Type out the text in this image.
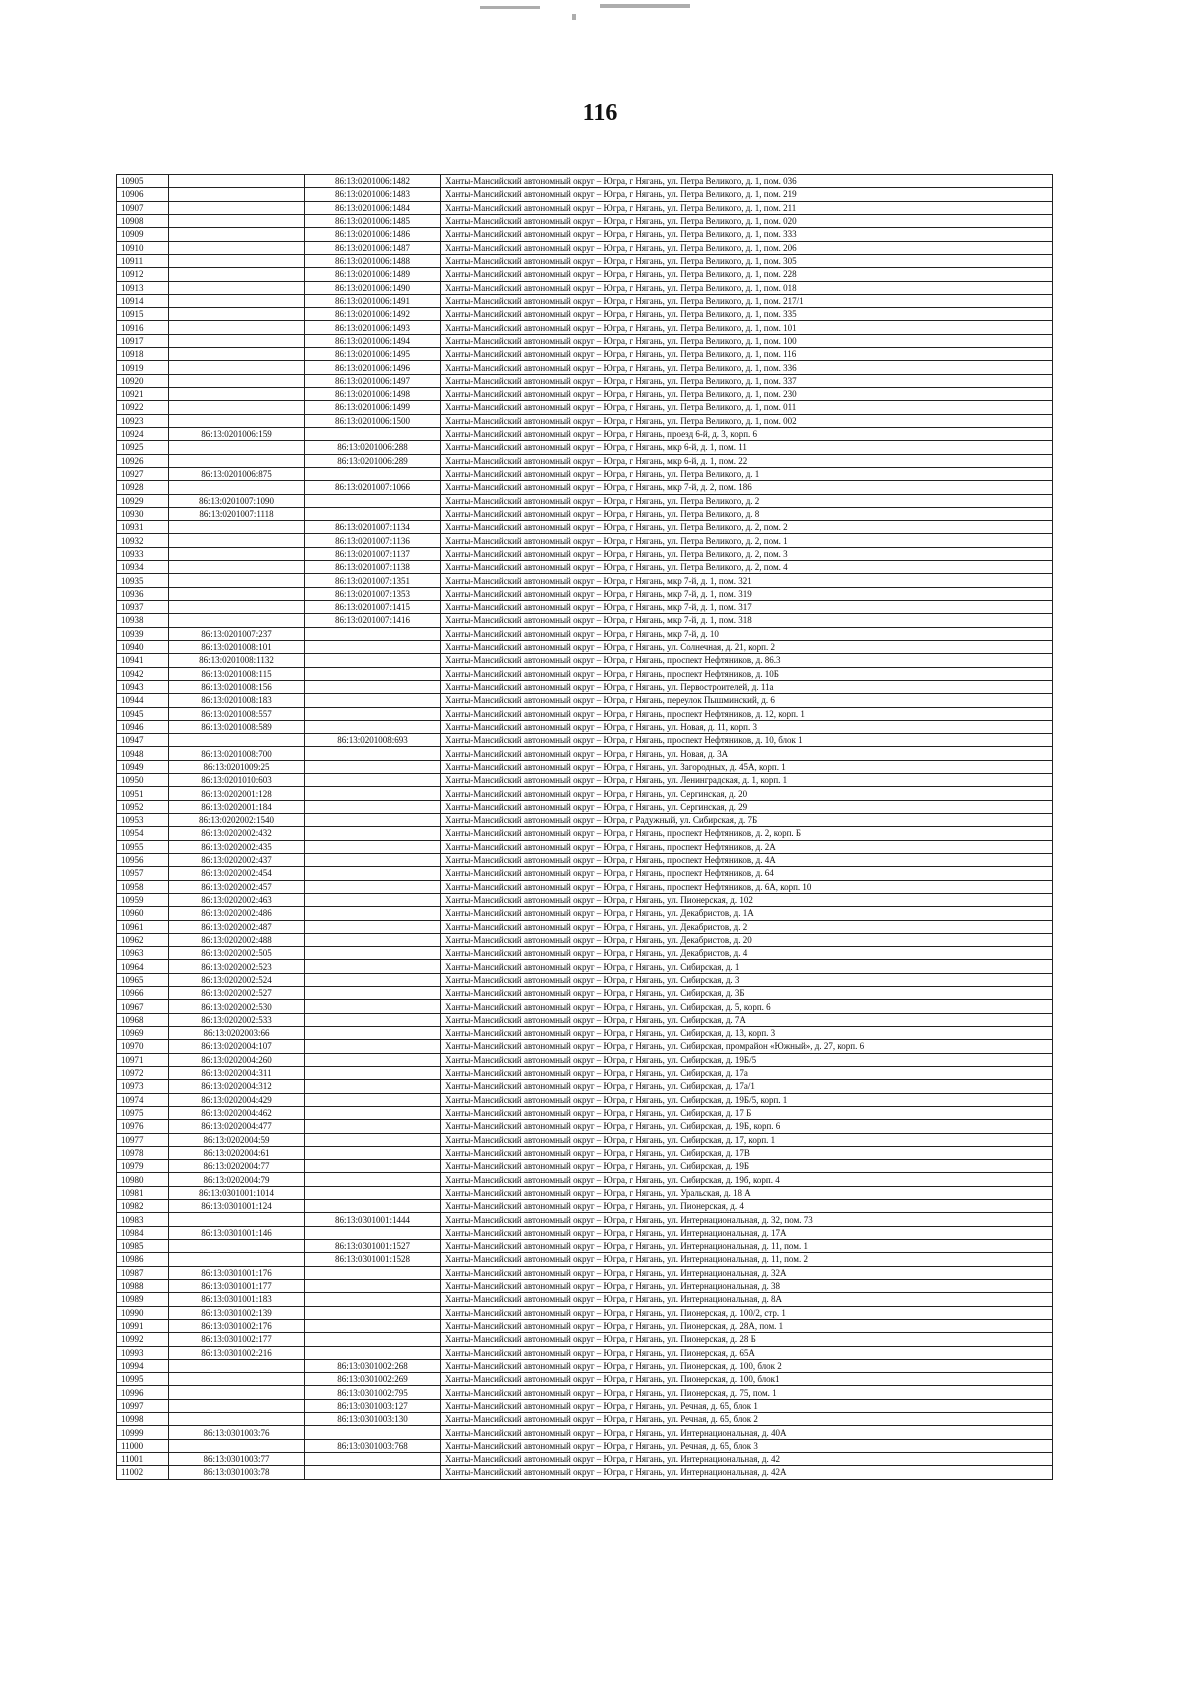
116
10905		86:13:0201006:1482	Ханты-Мансийский автономный округ – Югра, г Нягань, ул. Петра Великого, д. 1, пом. 036
10906		86:13:0201006:1483	Ханты-Мансийский автономный округ – Югра, г Нягань, ул. Петра Великого, д. 1, пом. 219
10907		86:13:0201006:1484	Ханты-Мансийский автономный округ – Югра, г Нягань, ул. Петра Великого, д. 1, пом. 211
10908		86:13:0201006:1485	Ханты-Мансийский автономный округ – Югра, г Нягань, ул. Петра Великого, д. 1, пом. 020
10909		86:13:0201006:1486	Ханты-Мансийский автономный округ – Югра, г Нягань, ул. Петра Великого, д. 1, пом. 333
10910		86:13:0201006:1487	Ханты-Мансийский автономный округ – Югра, г Нягань, ул. Петра Великого, д. 1, пом. 206
10911		86:13:0201006:1488	Ханты-Мансийский автономный округ – Югра, г Нягань, ул. Петра Великого, д. 1, пом. 305
10912		86:13:0201006:1489	Ханты-Мансийский автономный округ – Югра, г Нягань, ул. Петра Великого, д. 1, пом. 228
10913		86:13:0201006:1490	Ханты-Мансийский автономный округ – Югра, г Нягань, ул. Петра Великого, д. 1, пом. 018
10914		86:13:0201006:1491	Ханты-Мансийский автономный округ – Югра, г Нягань, ул. Петра Великого, д. 1, пом. 217/1
10915		86:13:0201006:1492	Ханты-Мансийский автономный округ – Югра, г Нягань, ул. Петра Великого, д. 1, пом. 335
10916		86:13:0201006:1493	Ханты-Мансийский автономный округ – Югра, г Нягань, ул. Петра Великого, д. 1, пом. 101
10917		86:13:0201006:1494	Ханты-Мансийский автономный округ – Югра, г Нягань, ул. Петра Великого, д. 1, пом. 100
10918		86:13:0201006:1495	Ханты-Мансийский автономный округ – Югра, г Нягань, ул. Петра Великого, д. 1, пом. 116
10919		86:13:0201006:1496	Ханты-Мансийский автономный округ – Югра, г Нягань, ул. Петра Великого, д. 1, пом. 336
10920		86:13:0201006:1497	Ханты-Мансийский автономный округ – Югра, г Нягань, ул. Петра Великого, д. 1, пом. 337
10921		86:13:0201006:1498	Ханты-Мансийский автономный округ – Югра, г Нягань, ул. Петра Великого, д. 1, пом. 230
10922		86:13:0201006:1499	Ханты-Мансийский автономный округ – Югра, г Нягань, ул. Петра Великого, д. 1, пом. 011
10923		86:13:0201006:1500	Ханты-Мансийский автономный округ – Югра, г Нягань, ул. Петра Великого, д. 1, пом. 002
10924	86:13:0201006:159		Ханты-Мансийский автономный округ – Югра, г Нягань, проезд 6-й, д. 3, корп. 6
10925		86:13:0201006:288	Ханты-Мансийский автономный округ – Югра, г Нягань, мкр 6-й, д. 1, пом. 11
10926		86:13:0201006:289	Ханты-Мансийский автономный округ – Югра, г Нягань, мкр 6-й, д. 1, пом. 22
10927	86:13:0201006:875		Ханты-Мансийский автономный округ – Югра, г Нягань, ул. Петра Великого, д. 1
10928		86:13:0201007:1066	Ханты-Мансийский автономный округ – Югра, г Нягань, мкр 7-й, д. 2, пом. 186
10929	86:13:0201007:1090		Ханты-Мансийский автономный округ – Югра, г Нягань, ул. Петра Великого, д. 2
10930	86:13:0201007:1118		Ханты-Мансийский автономный округ – Югра, г Нягань, ул. Петра Великого, д. 8
10931		86:13:0201007:1134	Ханты-Мансийский автономный округ – Югра, г Нягань, ул. Петра Великого, д. 2, пом. 2
10932		86:13:0201007:1136	Ханты-Мансийский автономный округ – Югра, г Нягань, ул. Петра Великого, д. 2, пом. 1
10933		86:13:0201007:1137	Ханты-Мансийский автономный округ – Югра, г Нягань, ул. Петра Великого, д. 2, пом. 3
10934		86:13:0201007:1138	Ханты-Мансийский автономный округ – Югра, г Нягань, ул. Петра Великого, д. 2, пом. 4
10935		86:13:0201007:1351	Ханты-Мансийский автономный округ – Югра, г Нягань, мкр 7-й, д. 1, пом. 321
10936		86:13:0201007:1353	Ханты-Мансийский автономный округ – Югра, г Нягань, мкр 7-й, д. 1, пом. 319
10937		86:13:0201007:1415	Ханты-Мансийский автономный округ – Югра, г Нягань, мкр 7-й, д. 1, пом. 317
10938		86:13:0201007:1416	Ханты-Мансийский автономный округ – Югра, г Нягань, мкр 7-й, д. 1, пом. 318
10939	86:13:0201007:237		Ханты-Мансийский автономный округ – Югра, г Нягань, мкр 7-й, д. 10
10940	86:13:0201008:101		Ханты-Мансийский автономный округ – Югра, г Нягань, ул. Солнечная, д. 21, корп. 2
10941	86:13:0201008:1132		Ханты-Мансийский автономный округ – Югра, г Нягань, проспект Нефтяников, д. 86.3
10942	86:13:0201008:115		Ханты-Мансийский автономный округ – Югра, г Нягань, проспект Нефтяников, д. 10Б
10943	86:13:0201008:156		Ханты-Мансийский автономный округ – Югра, г Нягань, ул. Первостроителей, д. 11а
10944	86:13:0201008:183		Ханты-Мансийский автономный округ – Югра, г Нягань, переулок Пышминский, д. 6
10945	86:13:0201008:557		Ханты-Мансийский автономный округ – Югра, г Нягань, проспект Нефтяников, д. 12, корп. 1
10946	86:13:0201008:589		Ханты-Мансийский автономный округ – Югра, г Нягань, ул. Новая, д. 11, корп. 3
10947		86:13:0201008:693	Ханты-Мансийский автономный округ – Югра, г Нягань, проспект Нефтяников, д. 10, блок 1
10948	86:13:0201008:700		Ханты-Мансийский автономный округ – Югра, г Нягань, ул. Новая, д. 3А
10949	86:13:0201009:25		Ханты-Мансийский автономный округ – Югра, г Нягань, ул. Загородных, д. 45А, корп. 1
10950	86:13:0201010:603		Ханты-Мансийский автономный округ – Югра, г Нягань, ул. Ленинградская, д. 1, корп. 1
10951	86:13:0202001:128		Ханты-Мансийский автономный округ – Югра, г Нягань, ул. Сергинская, д. 20
10952	86:13:0202001:184		Ханты-Мансийский автономный округ – Югра, г Нягань, ул. Сергинская, д. 29
10953	86:13:0202002:1540		Ханты-Мансийский автономный округ – Югра, г Радужный, ул. Сибирская, д. 7Б
10954	86:13:0202002:432		Ханты-Мансийский автономный округ – Югра, г Нягань, проспект Нефтяников, д. 2, корп. Б
10955	86:13:0202002:435		Ханты-Мансийский автономный округ – Югра, г Нягань, проспект Нефтяников, д. 2А
10956	86:13:0202002:437		Ханты-Мансийский автономный округ – Югра, г Нягань, проспект Нефтяников, д. 4А
10957	86:13:0202002:454		Ханты-Мансийский автономный округ – Югра, г Нягань, проспект Нефтяников, д. 64
10958	86:13:0202002:457		Ханты-Мансийский автономный округ – Югра, г Нягань, проспект Нефтяников, д. 6А, корп. 10
10959	86:13:0202002:463		Ханты-Мансийский автономный округ – Югра, г Нягань, ул. Пионерская, д. 102
10960	86:13:0202002:486		Ханты-Мансийский автономный округ – Югра, г Нягань, ул. Декабристов, д. 1А
10961	86:13:0202002:487		Ханты-Мансийский автономный округ – Югра, г Нягань, ул. Декабристов, д. 2
10962	86:13:0202002:488		Ханты-Мансийский автономный округ – Югра, г Нягань, ул. Декабристов, д. 20
10963	86:13:0202002:505		Ханты-Мансийский автономный округ – Югра, г Нягань, ул. Декабристов, д. 4
10964	86:13:0202002:523		Ханты-Мансийский автономный округ – Югра, г Нягань, ул. Сибирская, д. 1
10965	86:13:0202002:524		Ханты-Мансийский автономный округ – Югра, г Нягань, ул. Сибирская, д. 3
10966	86:13:0202002:527		Ханты-Мансийский автономный округ – Югра, г Нягань, ул. Сибирская, д. 3Б
10967	86:13:0202002:530		Ханты-Мансийский автономный округ – Югра, г Нягань, ул. Сибирская, д. 5, корп. 6
10968	86:13:0202002:533		Ханты-Мансийский автономный округ – Югра, г Нягань, ул. Сибирская, д. 7А
10969	86:13:0202003:66		Ханты-Мансийский автономный округ – Югра, г Нягань, ул. Сибирская, д. 13, корп. 3
10970	86:13:0202004:107		Ханты-Мансийский автономный округ – Югра, г Нягань, ул. Сибирская, промрайон «Южный», д. 27, корп. 6
10971	86:13:0202004:260		Ханты-Мансийский автономный округ – Югра, г Нягань, ул. Сибирская, д. 19Б/5
10972	86:13:0202004:311		Ханты-Мансийский автономный округ – Югра, г Нягань, ул. Сибирская, д. 17а
10973	86:13:0202004:312		Ханты-Мансийский автономный округ – Югра, г Нягань, ул. Сибирская, д. 17а/1
10974	86:13:0202004:429		Ханты-Мансийский автономный округ – Югра, г Нягань, ул. Сибирская, д. 19Б/5, корп. 1
10975	86:13:0202004:462		Ханты-Мансийский автономный округ – Югра, г Нягань, ул. Сибирская, д. 17 Б
10976	86:13:0202004:477		Ханты-Мансийский автономный округ – Югра, г Нягань, ул. Сибирская, д. 19Б, корп. 6
10977	86:13:0202004:59		Ханты-Мансийский автономный округ – Югра, г Нягань, ул. Сибирская, д. 17, корп. 1
10978	86:13:0202004:61		Ханты-Мансийский автономный округ – Югра, г Нягань, ул. Сибирская, д. 17В
10979	86:13:0202004:77		Ханты-Мансийский автономный округ – Югра, г Нягань, ул. Сибирская, д. 19Б
10980	86:13:0202004:79		Ханты-Мансийский автономный округ – Югра, г Нягань, ул. Сибирская, д. 19б, корп. 4
10981	86:13:0301001:1014		Ханты-Мансийский автономный округ – Югра, г Нягань, ул. Уральская, д. 18 А
10982	86:13:0301001:124		Ханты-Мансийский автономный округ – Югра, г Нягань, ул. Пионерская, д. 4
10983		86:13:0301001:1444	Ханты-Мансийский автономный округ – Югра, г Нягань, ул. Интернациональная, д. 32, пом. 73
10984	86:13:0301001:146		Ханты-Мансийский автономный округ – Югра, г Нягань, ул. Интернациональная, д. 17А
10985		86:13:0301001:1527	Ханты-Мансийский автономный округ – Югра, г Нягань, ул. Интернациональная, д. 11, пом. 1
10986		86:13:0301001:1528	Ханты-Мансийский автономный округ – Югра, г Нягань, ул. Интернациональная, д. 11, пом. 2
10987	86:13:0301001:176		Ханты-Мансийский автономный округ – Югра, г Нягань, ул. Интернациональная, д. 32А
10988	86:13:0301001:177		Ханты-Мансийский автономный округ – Югра, г Нягань, ул. Интернациональная, д. 38
10989	86:13:0301001:183		Ханты-Мансийский автономный округ – Югра, г Нягань, ул. Интернациональная, д. 8А
10990	86:13:0301002:139		Ханты-Мансийский автономный округ – Югра, г Нягань, ул. Пионерская, д. 100/2, стр. 1
10991	86:13:0301002:176		Ханты-Мансийский автономный округ – Югра, г Нягань, ул. Пионерская, д. 28А, пом. 1
10992	86:13:0301002:177		Ханты-Мансийский автономный округ – Югра, г Нягань, ул. Пионерская, д. 28 Б
10993	86:13:0301002:216		Ханты-Мансийский автономный округ – Югра, г Нягань, ул. Пионерская, д. 65А
10994		86:13:0301002:268	Ханты-Мансийский автономный округ – Югра, г Нягань, ул. Пионерская, д. 100, блок 2
10995		86:13:0301002:269	Ханты-Мансийский автономный округ – Югра, г Нягань, ул. Пионерская, д. 100, блок1
10996		86:13:0301002:795	Ханты-Мансийский автономный округ – Югра, г Нягань, ул. Пионерская, д. 75, пом. 1
10997		86:13:0301003:127	Ханты-Мансийский автономный округ – Югра, г Нягань, ул. Речная, д. 65, блок 1
10998		86:13:0301003:130	Ханты-Мансийский автономный округ – Югра, г Нягань, ул. Речная, д. 65, блок 2
10999	86:13:0301003:76		Ханты-Мансийский автономный округ – Югра, г Нягань, ул. Интернациональная, д. 40А
11000		86:13:0301003:768	Ханты-Мансийский автономный округ – Югра, г Нягань, ул. Речная, д. 65, блок 3
11001	86:13:0301003:77		Ханты-Мансийский автономный округ – Югра, г Нягань, ул. Интернациональная, д. 42
11002	86:13:0301003:78		Ханты-Мансийский автономный округ – Югра, г Нягань, ул. Интернациональная, д. 42А
